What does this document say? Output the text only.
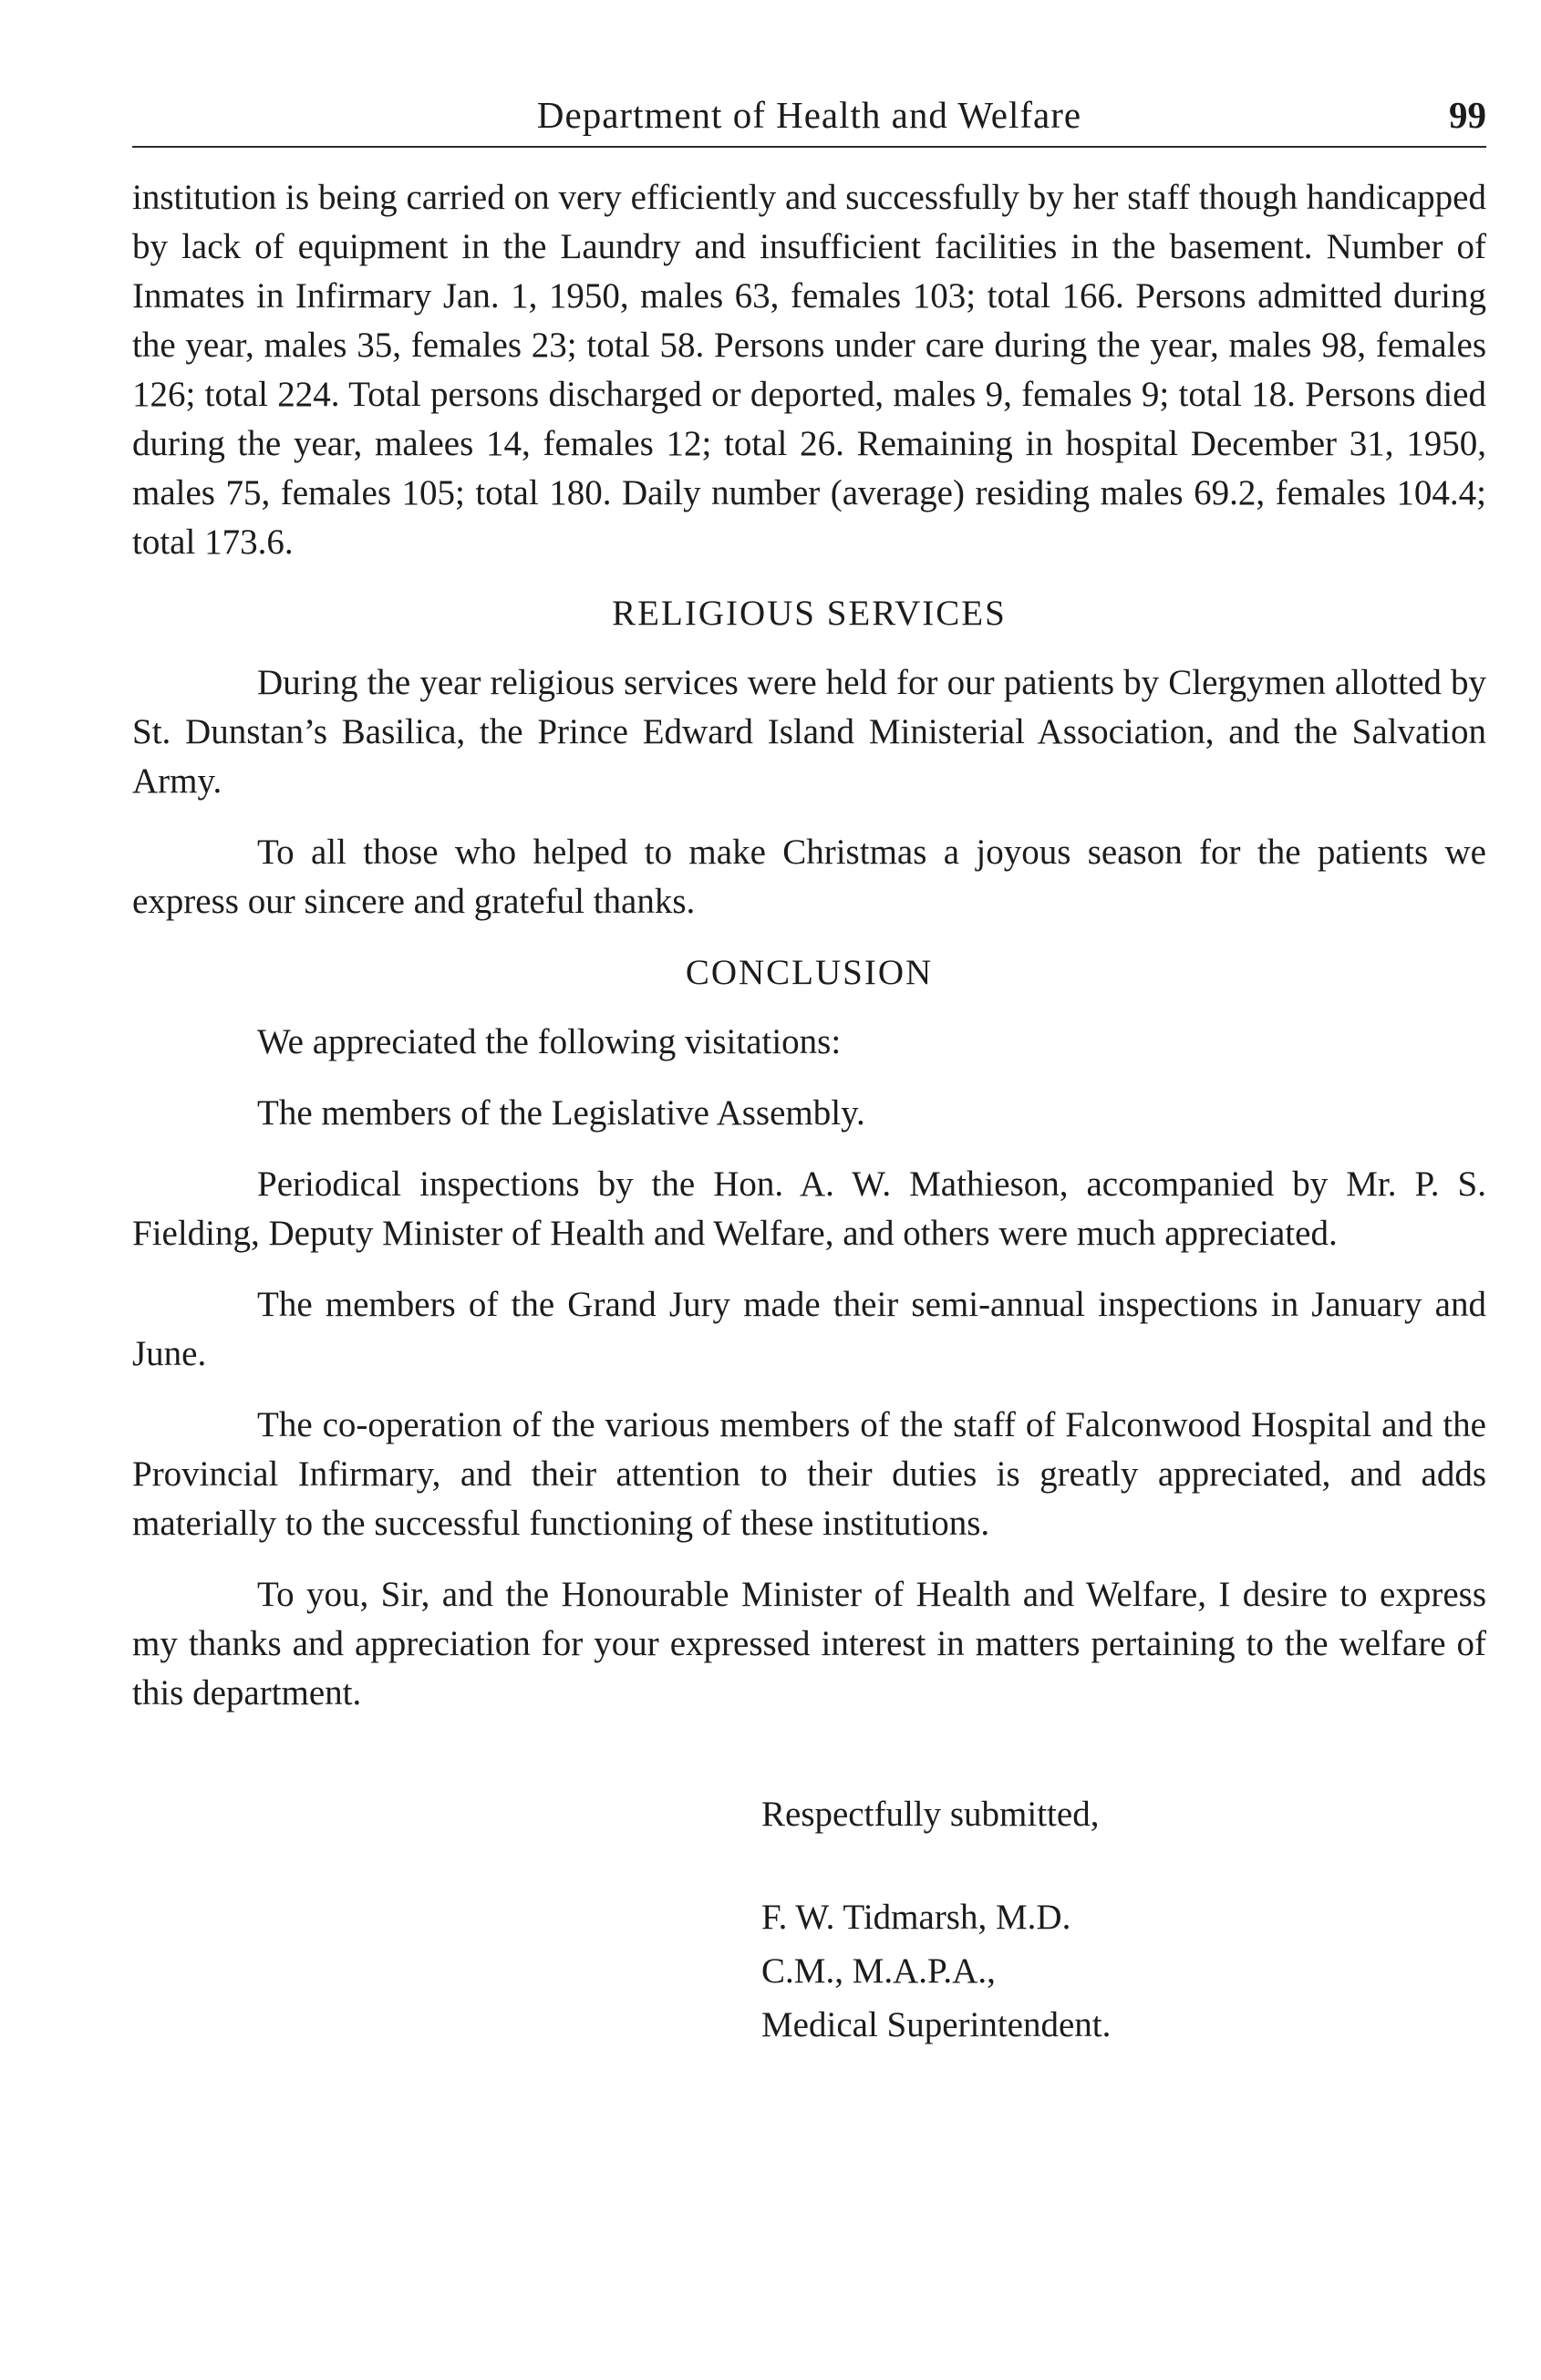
Department of Health and Welfare	99

institution is being carried on very efficiently and successfully by her staff though handicapped by lack of equipment in the Laundry and insufficient facilities in the basement. Number of Inmates in Infirmary Jan. 1, 1950, males 63, females 103; total 166. Persons admitted during the year, males 35, females 23; total 58. Persons under care during the year, males 98, females 126; total 224. Total persons discharged or deported, males 9, females 9; total 18. Persons died during the year, malees 14, females 12; total 26. Remaining in hospital December 31, 1950, males 75, females 105; total 180. Daily number (average) residing males 69.2, females 104.4; total 173.6.

RELIGIOUS SERVICES

During the year religious services were held for our patients by Clergymen allotted by St. Dunstan’s Basilica, the Prince Edward Island Ministerial Association, and the Salvation Army.

To all those who helped to make Christmas a joyous season for the patients we express our sincere and grateful thanks.

CONCLUSION

We appreciated the following visitations:

The members of the Legislative Assembly.

Periodical inspections by the Hon. A. W. Mathieson, accompanied by Mr. P. S. Fielding, Deputy Minister of Health and Welfare, and others were much appreciated.

The members of the Grand Jury made their semi-annual inspections in January and June.

The co-operation of the various members of the staff of Falconwood Hospital and the Provincial Infirmary, and their attention to their duties is greatly appreciated, and adds materially to the successful functioning of these institutions.

To you, Sir, and the Honourable Minister of Health and Welfare, I desire to express my thanks and appreciation for your expressed interest in matters pertaining to the welfare of this department.

Respectfully submitted,
F. W. Tidmarsh, M.D.
C.M., M.A.P.A.,
Medical Superintendent.
